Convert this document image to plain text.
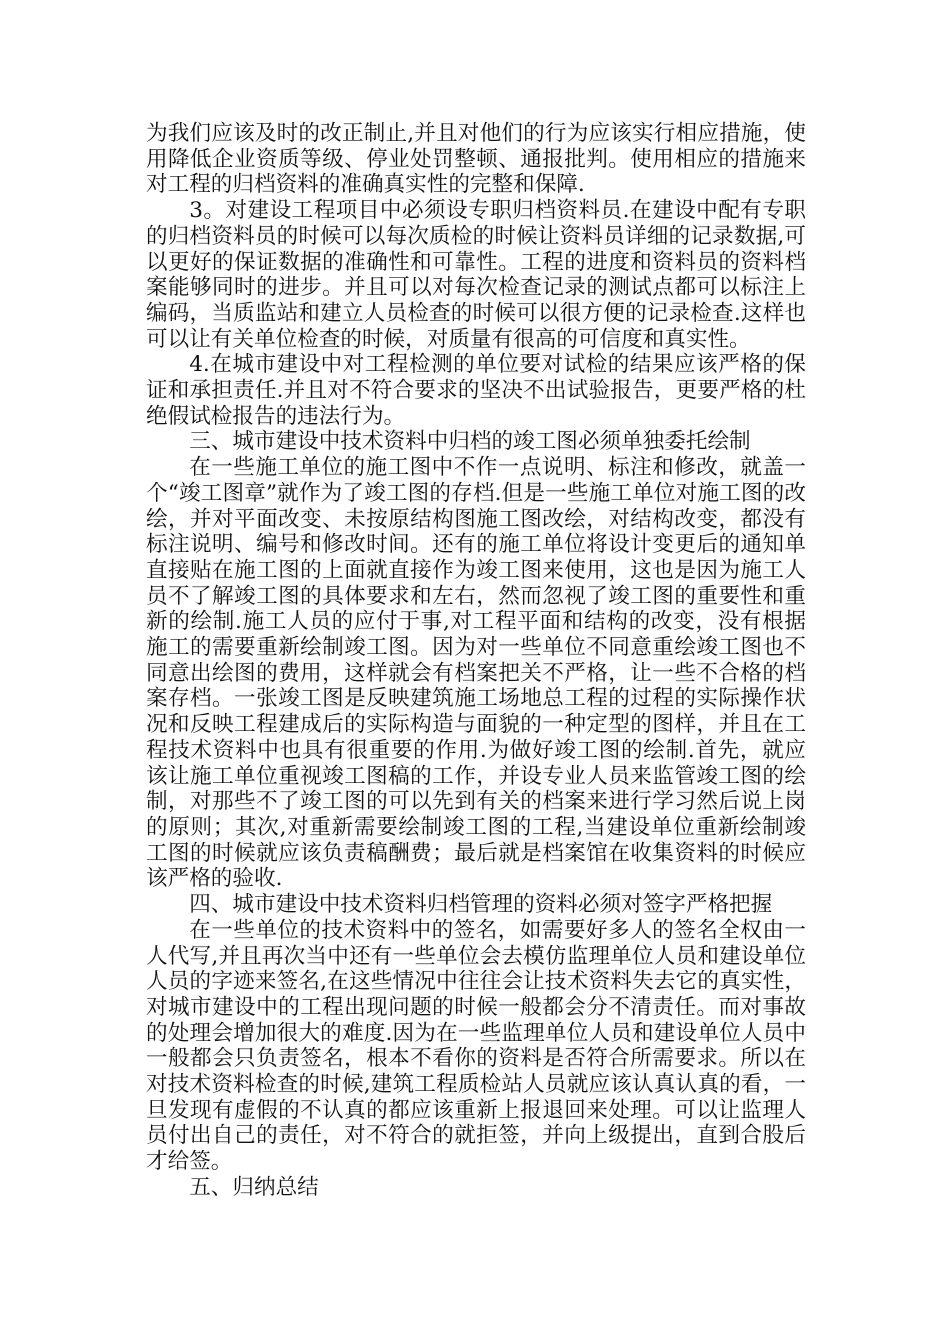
为我们应该及时的改正制止,并且对他们的行为应该实行相应措施，使用降低企业资质等级、停业处罚整顿、通报批判。使用相应的措施来对工程的归档资料的准确真实性的完整和保障.

3。对建设工程项目中必须设专职归档资料员.在建设中配有专职的归档资料员的时候可以每次质检的时候让资料员详细的记录数据,可以更好的保证数据的准确性和可靠性。工程的进度和资料员的资料档案能够同时的进步。并且可以对每次检查记录的测试点都可以标注上编码，当质监站和建立人员检查的时候可以很方便的记录检查.这样也可以让有关单位检查的时候，对质量有很高的可信度和真实性。

4.在城市建设中对工程检测的单位要对试检的结果应该严格的保证和承担责任.并且对不符合要求的坚决不出试验报告，更要严格的杜绝假试检报告的违法行为。

三、城市建设中技术资料中归档的竣工图必须单独委托绘制

在一些施工单位的施工图中不作一点说明、标注和修改，就盖一个“竣工图章”就作为了竣工图的存档.但是一些施工单位对施工图的改绘，并对平面改变、未按原结构图施工图改绘，对结构改变，都没有标注说明、编号和修改时间。还有的施工单位将设计变更后的通知单直接贴在施工图的上面就直接作为竣工图来使用，这也是因为施工人员不了解竣工图的具体要求和左右，然而忽视了竣工图的重要性和重新的绘制.施工人员的应付于事,对工程平面和结构的改变，没有根据施工的需要重新绘制竣工图。因为对一些单位不同意重绘竣工图也不同意出绘图的费用，这样就会有档案把关不严格，让一些不合格的档案存档。一张竣工图是反映建筑施工场地总工程的过程的实际操作状况和反映工程建成后的实际构造与面貌的一种定型的图样，并且在工程技术资料中也具有很重要的作用.为做好竣工图的绘制.首先，就应该让施工单位重视竣工图稿的工作，并设专业人员来监管竣工图的绘制，对那些不了竣工图的可以先到有关的档案来进行学习然后说上岗的原则；其次,对重新需要绘制竣工图的工程,当建设单位重新绘制竣工图的时候就应该负责稿酬费；最后就是档案馆在收集资料的时候应该严格的验收.

四、城市建设中技术资料归档管理的资料必须对签字严格把握

在一些单位的技术资料中的签名，如需要好多人的签名全权由一人代写,并且再次当中还有一些单位会去模仿监理单位人员和建设单位人员的字迹来签名,在这些情况中往往会让技术资料失去它的真实性，对城市建设中的工程出现问题的时候一般都会分不清责任。而对事故的处理会增加很大的难度.因为在一些监理单位人员和建设单位人员中一般都会只负责签名，根本不看你的资料是否符合所需要求。所以在对技术资料检查的时候,建筑工程质检站人员就应该认真认真的看，一旦发现有虚假的不认真的都应该重新上报退回来处理。可以让监理人员付出自己的责任，对不符合的就拒签，并向上级提出，直到合股后才给签。

五、归纳总结
